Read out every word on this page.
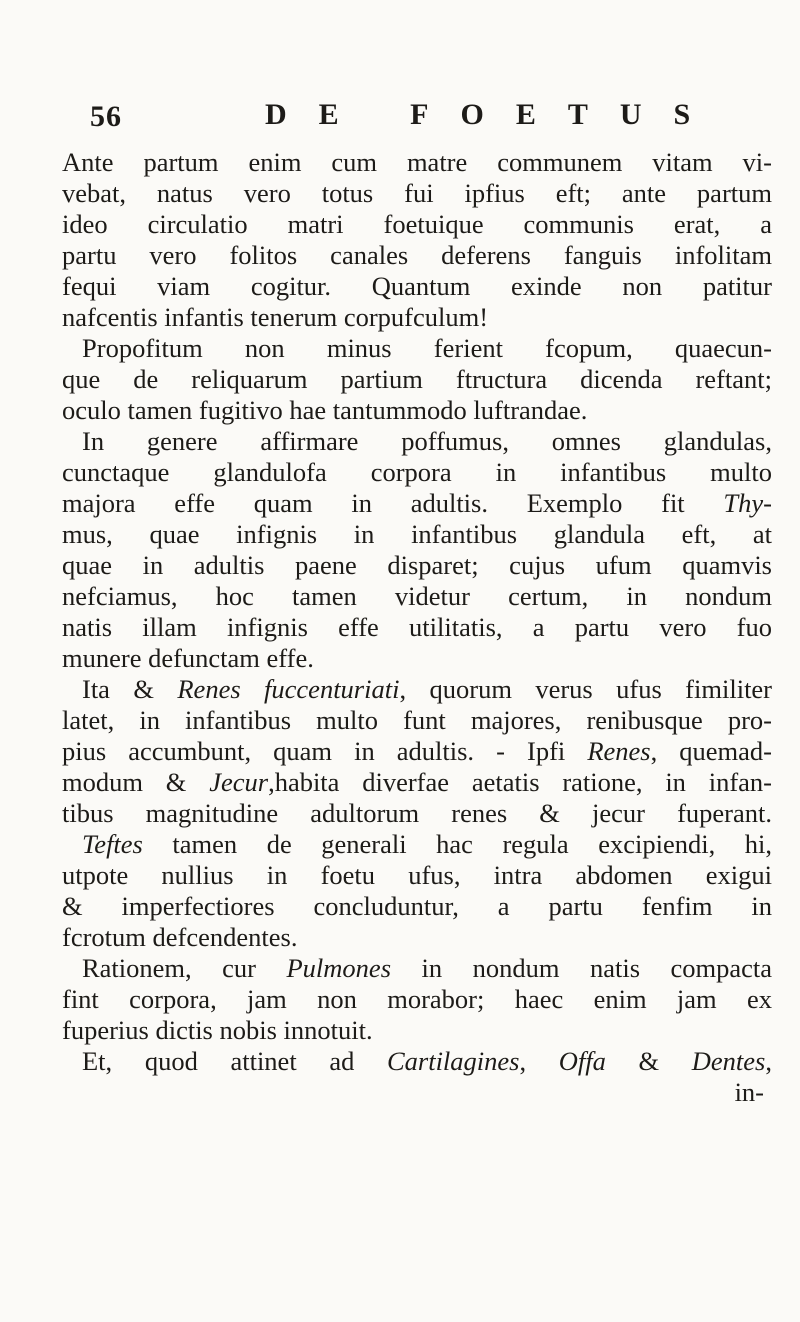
56	DE FOETUS
Ante partum enim cum matre communem vitam vi-
vebat, natus vero totus fui ipfius eft; ante partum
ideo circulatio matri foetuique communis erat, a
partu vero folitos canales deferens fanguis infolitam
fequi viam cogitur. Quantum exinde non patitur
nafcentis infantis tenerum corpufculum!
Propofitum non minus ferient fcopum, quaecun-
que de reliquarum partium ftructura dicenda reftant;
oculo tamen fugitivo hae tantummodo luftrandae.
In genere affirmare poffumus, omnes glandulas,
cunctaque glandulofa corpora in infantibus multo
majora effe quam in adultis. Exemplo fit Thy-
mus, quae infignis in infantibus glandula eft, at
quae in adultis paene disparet; cujus ufum quamvis
nefciamus, hoc tamen videtur certum, in nondum
natis illam infignis effe utilitatis, a partu vero fuo
munere defunctam effe.
Ita & Renes fuccenturiati, quorum verus ufus fimiliter
latet, in infantibus multo funt majores, renibusque pro-
pius accumbunt, quam in adultis. - Ipfi Renes, quemad-
modum & Jecur,habita diverfae aetatis ratione, in infan-
tibus magnitudine adultorum renes & jecur fuperant.
Teftes tamen de generali hac regula excipiendi, hi,
utpote nullius in foetu ufus, intra abdomen exigui
& imperfectiores concluduntur, a partu fenfim in
fcrotum defcendentes.
Rationem, cur Pulmones in nondum natis compacta
fint corpora, jam non morabor; haec enim jam ex
fuperius dictis nobis innotuit.
Et, quod attinet ad Cartilagines, Offa & Dentes,
in-
